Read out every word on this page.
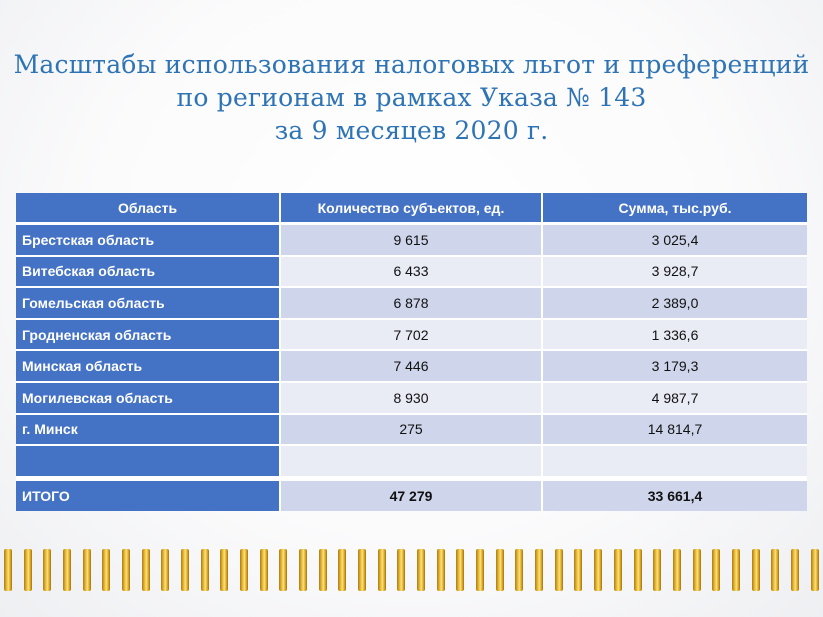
Масштабы использования налоговых льгот и преференций
по регионам в рамках Указа № 143
за 9 месяцев 2020 г.
Область	Количество субъектов, ед.	Сумма, тыс.руб.
Брестская область	9 615	3 025,4
Витебская область	6 433	3 928,7
Гомельская область	6 878	2 389,0
Гродненская область	7 702	1 336,6
Минская область	7 446	3 179,3
Могилевская область	8 930	4 987,7
г. Минск	275	14 814,7

ИТОГО	47 279	33 661,4
